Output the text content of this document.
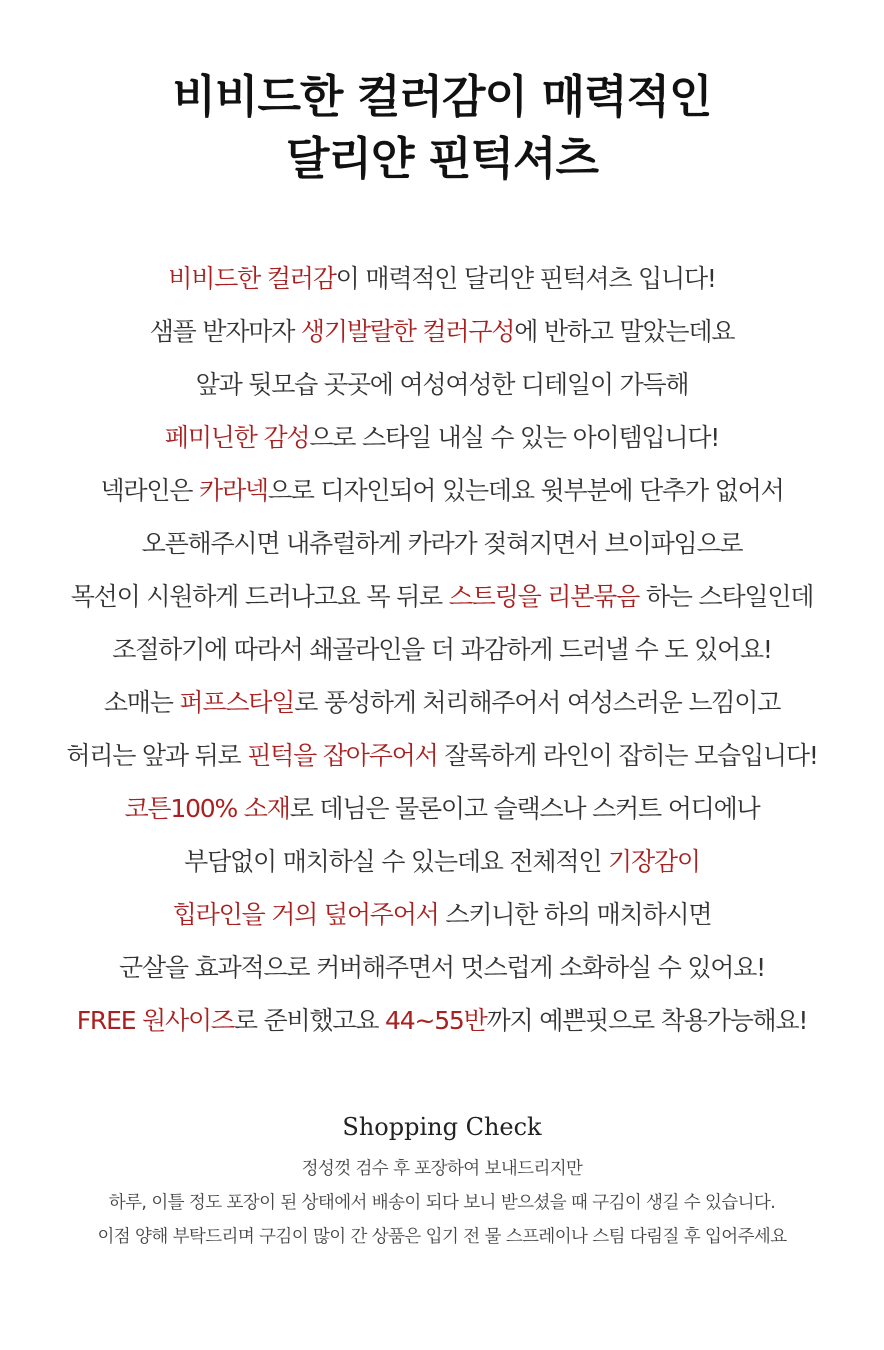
비비드한 컬러감이 매력적인
달리얀 핀턱셔츠
비비드한 컬러감이 매력적인 달리얀 핀턱셔츠 입니다!
샘플 받자마자 생기발랄한 컬러구성에 반하고 말았는데요
앞과 뒷모습 곳곳에 여성여성한 디테일이 가득해
페미닌한 감성으로 스타일 내실 수 있는 아이템입니다!
넥라인은 카라넥으로 디자인되어 있는데요 윗부분에 단추가 없어서
오픈해주시면 내츄럴하게 카라가 젖혀지면서 브이파임으로
목선이 시원하게 드러나고요 목 뒤로 스트링을 리본묶음 하는 스타일인데
조절하기에 따라서 쇄골라인을 더 과감하게 드러낼 수 도 있어요!
소매는 퍼프스타일로 풍성하게 처리해주어서 여성스러운 느낌이고
허리는 앞과 뒤로 핀턱을 잡아주어서 잘록하게 라인이 잡히는 모습입니다!
코튼100% 소재로 데님은 물론이고 슬랙스나 스커트 어디에나
부담없이 매치하실 수 있는데요 전체적인 기장감이
힙라인을 거의 덮어주어서 스키니한 하의 매치하시면
군살을 효과적으로 커버해주면서 멋스럽게 소화하실 수 있어요!
FREE 원사이즈로 준비했고요 44~55반까지 예쁜핏으로 착용가능해요!
Shopping Check
정성껏 검수 후 포장하여 보내드리지만
하루, 이틀 정도 포장이 된 상태에서 배송이 되다 보니 받으셨을 때 구김이 생길 수 있습니다.
이점 양해 부탁드리며 구김이 많이 간 상품은 입기 전 물 스프레이나 스팀 다림질 후 입어주세요
